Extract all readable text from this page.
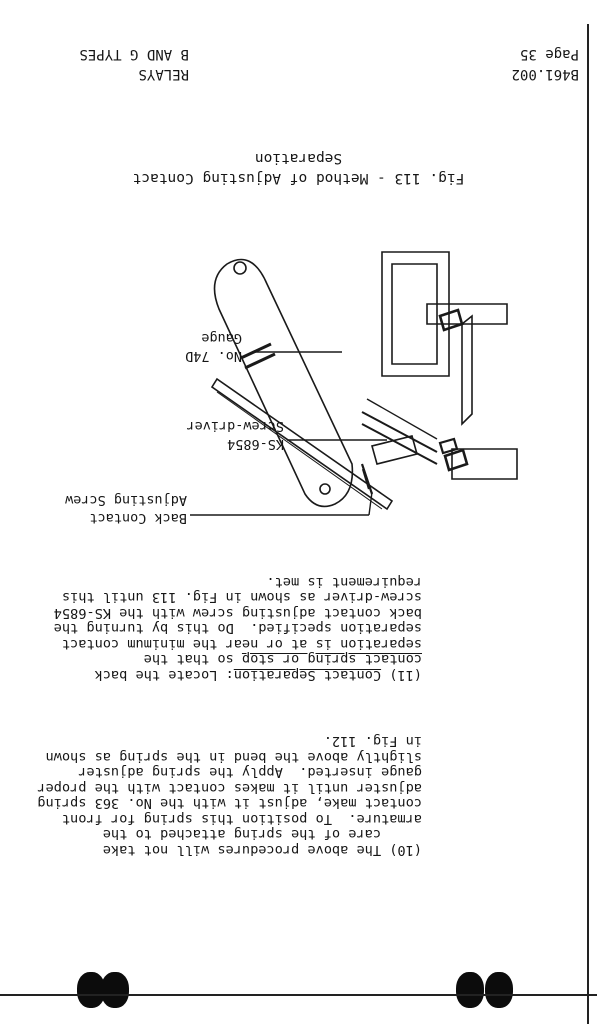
B461.002
Page 35
RELAYS
B AND G TYPES
Fig. 113 - Method of Adjusting Contact
Separation
No. 74D
Gauge
KS-6854
Screw-driver
Back Contact
Adjusting Screw
(11) Contact Separation: Locate the back
contact spring or stop so that the
separation is at or near the minimum contact
separation specified.  Do this by turning the
back contact adjusting screw with the KS-6854
screw-driver as shown in Fig. 113 until this
requirement is met.
(10) The above procedures will not take
care of the spring attached to the
armature.  To position this spring for front
contact make, adjust it with the No. 363 spring
adjuster until it makes contact with the proper
gauge inserted.  Apply the spring adjuster
slightly above the bend in the spring as shown
in Fig. 112.
